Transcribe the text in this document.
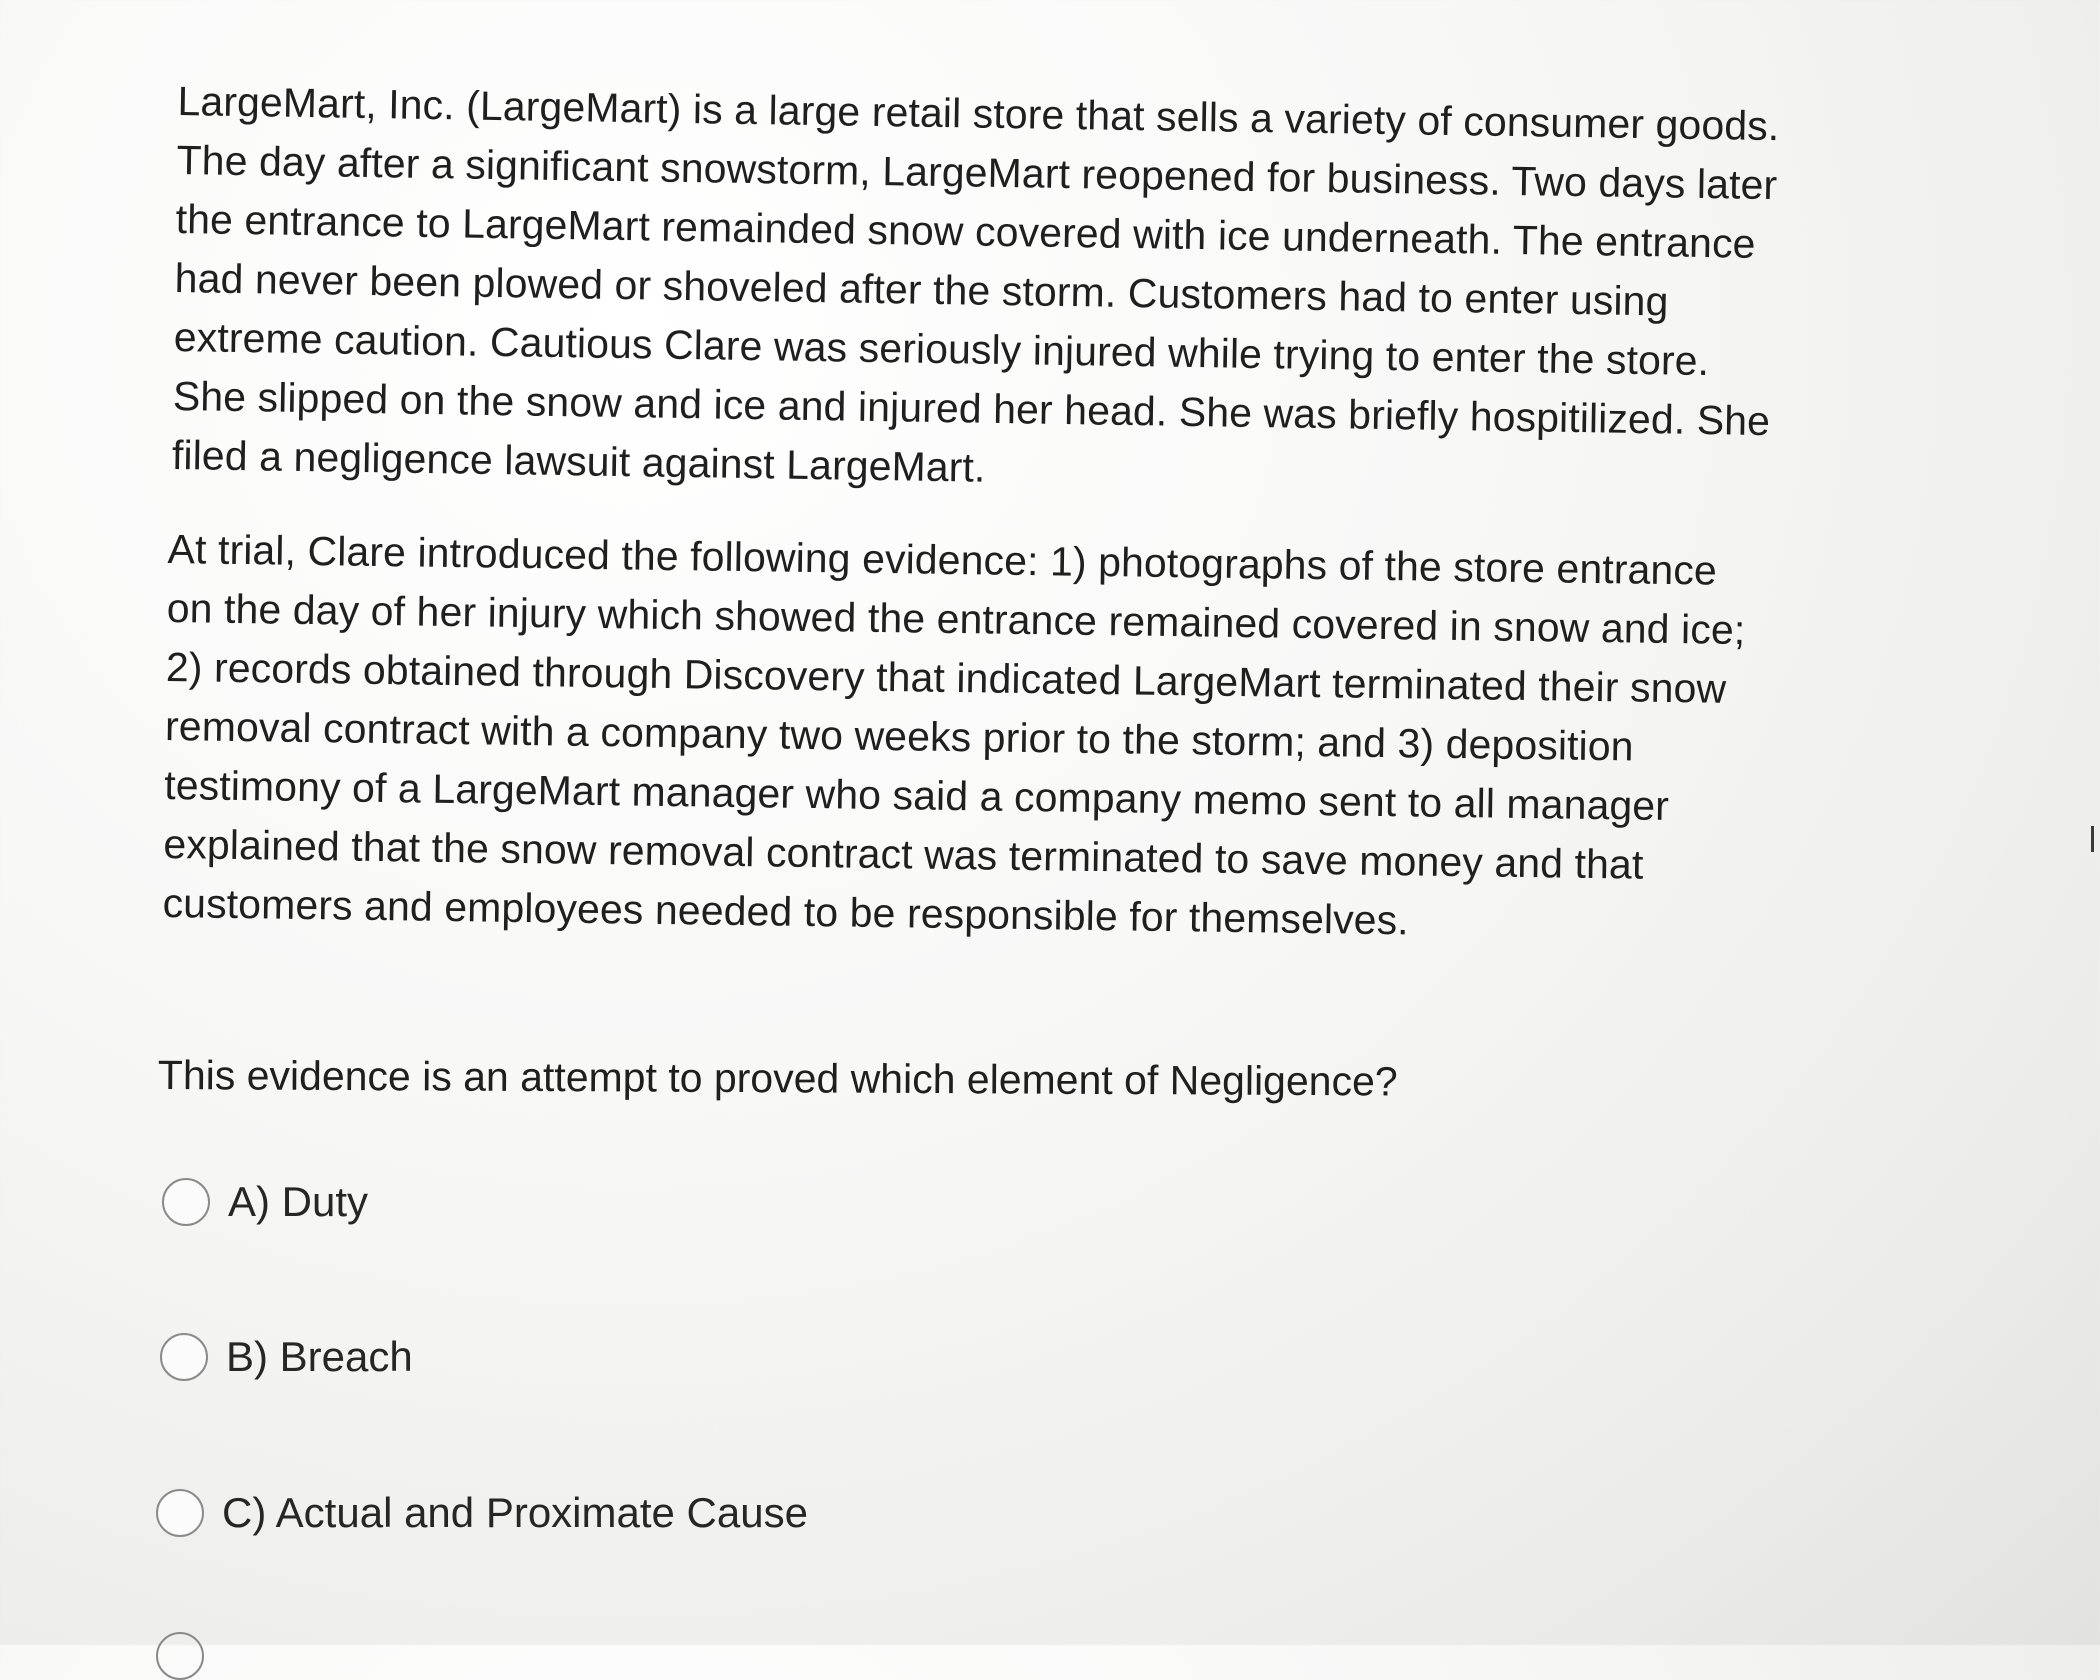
LargeMart, Inc. (LargeMart) is a large retail store that sells a variety of consumer goods. The day after a significant snowstorm, LargeMart reopened for business. Two days later the entrance to LargeMart remainded snow covered with ice underneath. The entrance had never been plowed or shoveled after the storm. Customers had to enter using extreme caution. Cautious Clare was seriously injured while trying to enter the store. She slipped on the snow and ice and injured her head. She was briefly hospitilized. She filed a negligence lawsuit against LargeMart.

At trial, Clare introduced the following evidence: 1) photographs of the store entrance on the day of her injury which showed the entrance remained covered in snow and ice; 2) records obtained through Discovery that indicated LargeMart terminated their snow removal contract with a company two weeks prior to the storm; and 3) deposition testimony of a LargeMart manager who said a company memo sent to all manager explained that the snow removal contract was terminated to save money and that customers and employees needed to be responsible for themselves.

This evidence is an attempt to proved which element of Negligence?

A) Duty
B) Breach
C) Actual and Proximate Cause
